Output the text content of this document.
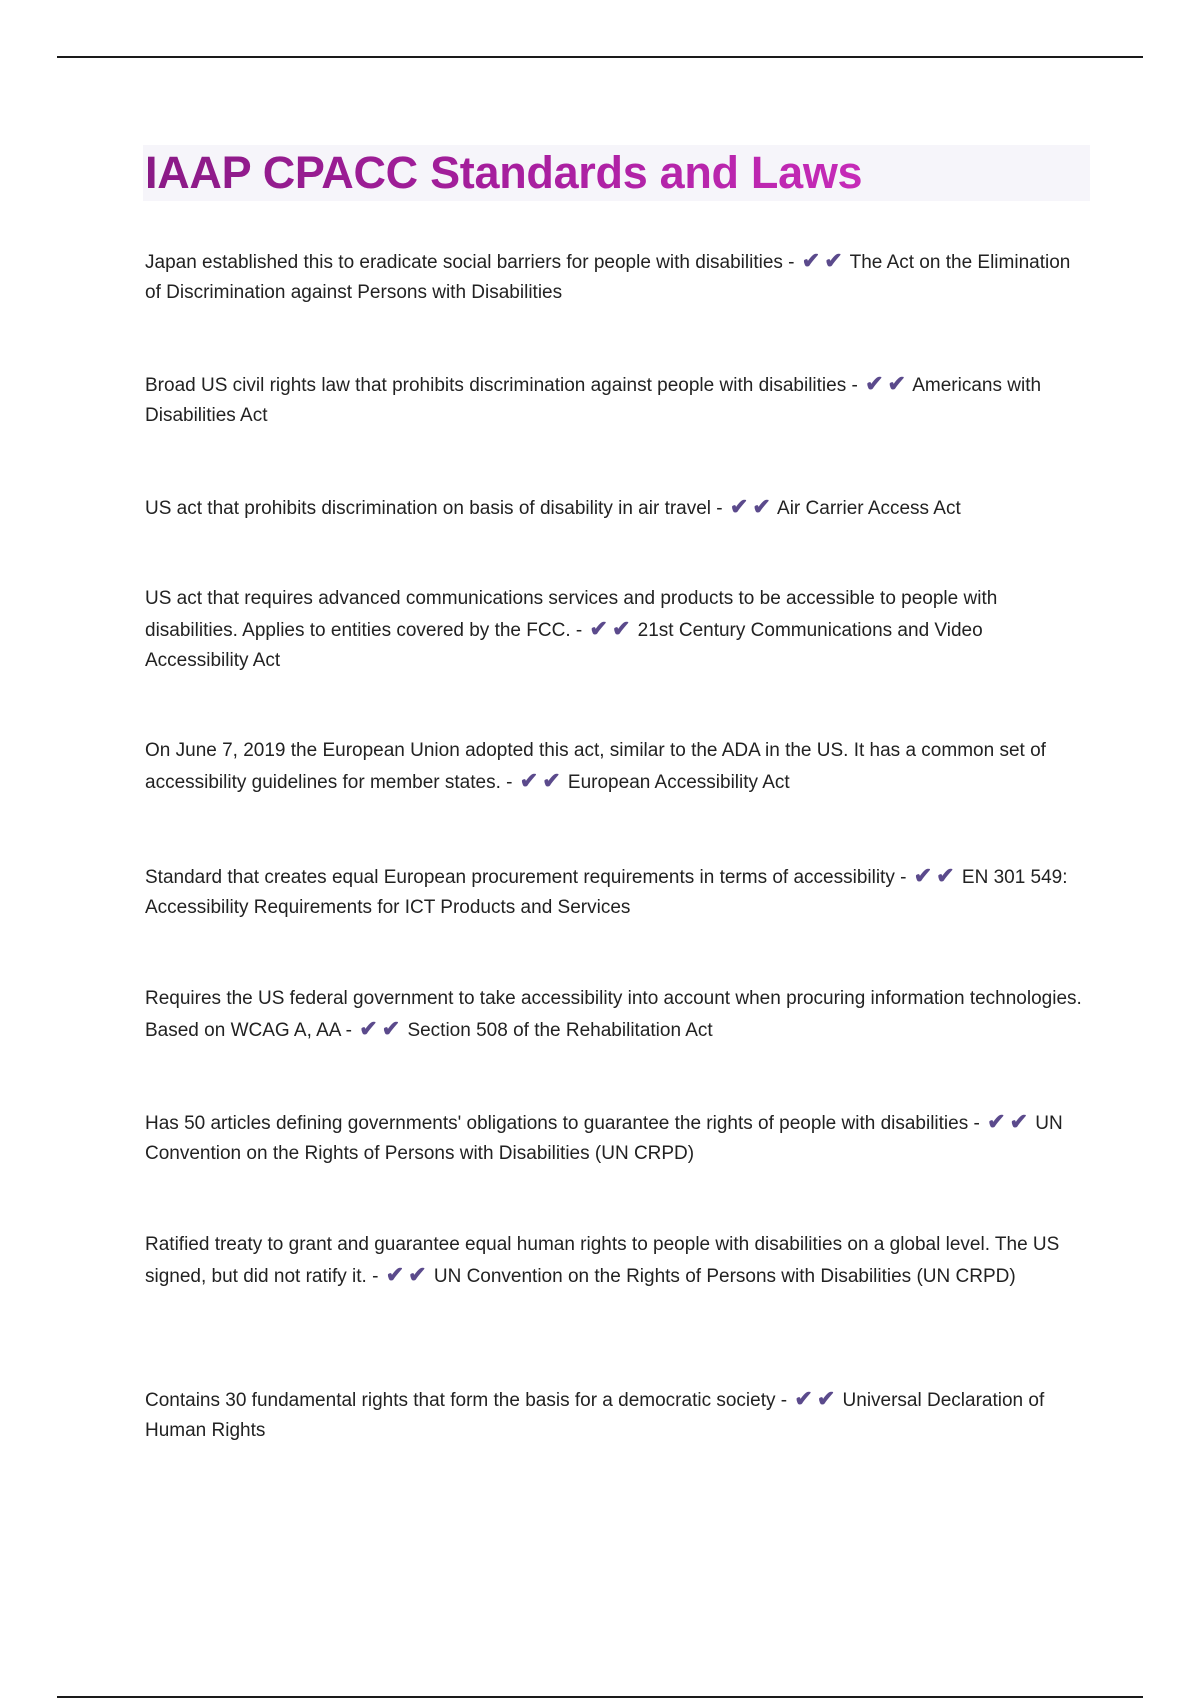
IAAP CPACC Standards and Laws
Japan established this to eradicate social barriers for people with disabilities - ✔ ✔ The Act on the Elimination of Discrimination against Persons with Disabilities
Broad US civil rights law that prohibits discrimination against people with disabilities - ✔ ✔ Americans with Disabilities Act
US act that prohibits discrimination on basis of disability in air travel - ✔ ✔ Air Carrier Access Act
US act that requires advanced communications services and products to be accessible to people with disabilities. Applies to entities covered by the FCC. - ✔ ✔ 21st Century Communications and Video Accessibility Act
On June 7, 2019 the European Union adopted this act, similar to the ADA in the US. It has a common set of accessibility guidelines for member states. - ✔ ✔ European Accessibility Act
Standard that creates equal European procurement requirements in terms of accessibility - ✔ ✔ EN 301 549: Accessibility Requirements for ICT Products and Services
Requires the US federal government to take accessibility into account when procuring information technologies. Based on WCAG A, AA - ✔ ✔ Section 508 of the Rehabilitation Act
Has 50 articles defining governments' obligations to guarantee the rights of people with disabilities - ✔ ✔ UN Convention on the Rights of Persons with Disabilities (UN CRPD)
Ratified treaty to grant and guarantee equal human rights to people with disabilities on a global level. The US signed, but did not ratify it. - ✔ ✔ UN Convention on the Rights of Persons with Disabilities (UN CRPD)
Contains 30 fundamental rights that form the basis for a democratic society - ✔ ✔ Universal Declaration of Human Rights
